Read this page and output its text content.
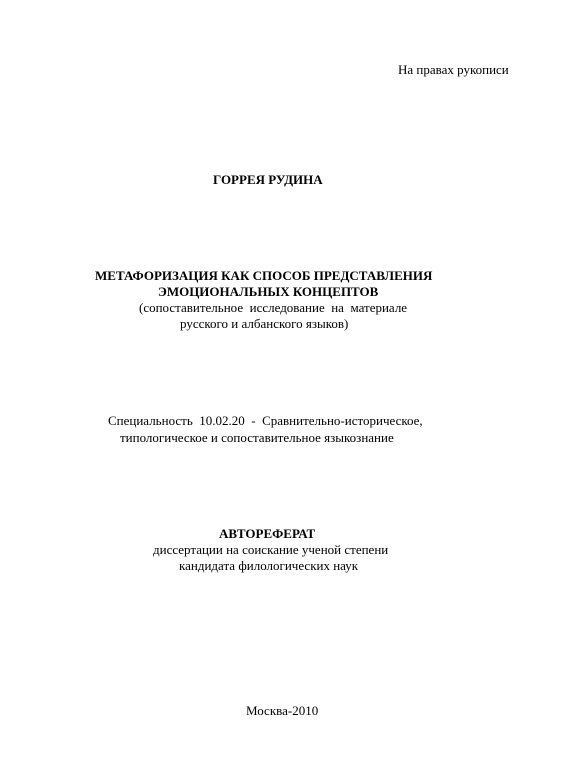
На правах рукописи
ГОРРЕЯ РУДИНА
МЕТАФОРИЗАЦИЯ КАК СПОСОБ ПРЕДСТАВЛЕНИЯ
ЭМОЦИОНАЛЬНЫХ КОНЦЕПТОВ
(сопоставительное  исследование  на  материале
русского и албанского языков)
Специальность  10.02.20  -  Сравнительно-историческое,
типологическое и сопоставительное языкознание
АВТОРЕФЕРАТ
диссертации на соискание ученой степени
кандидата филологических наук
Москва-2010
